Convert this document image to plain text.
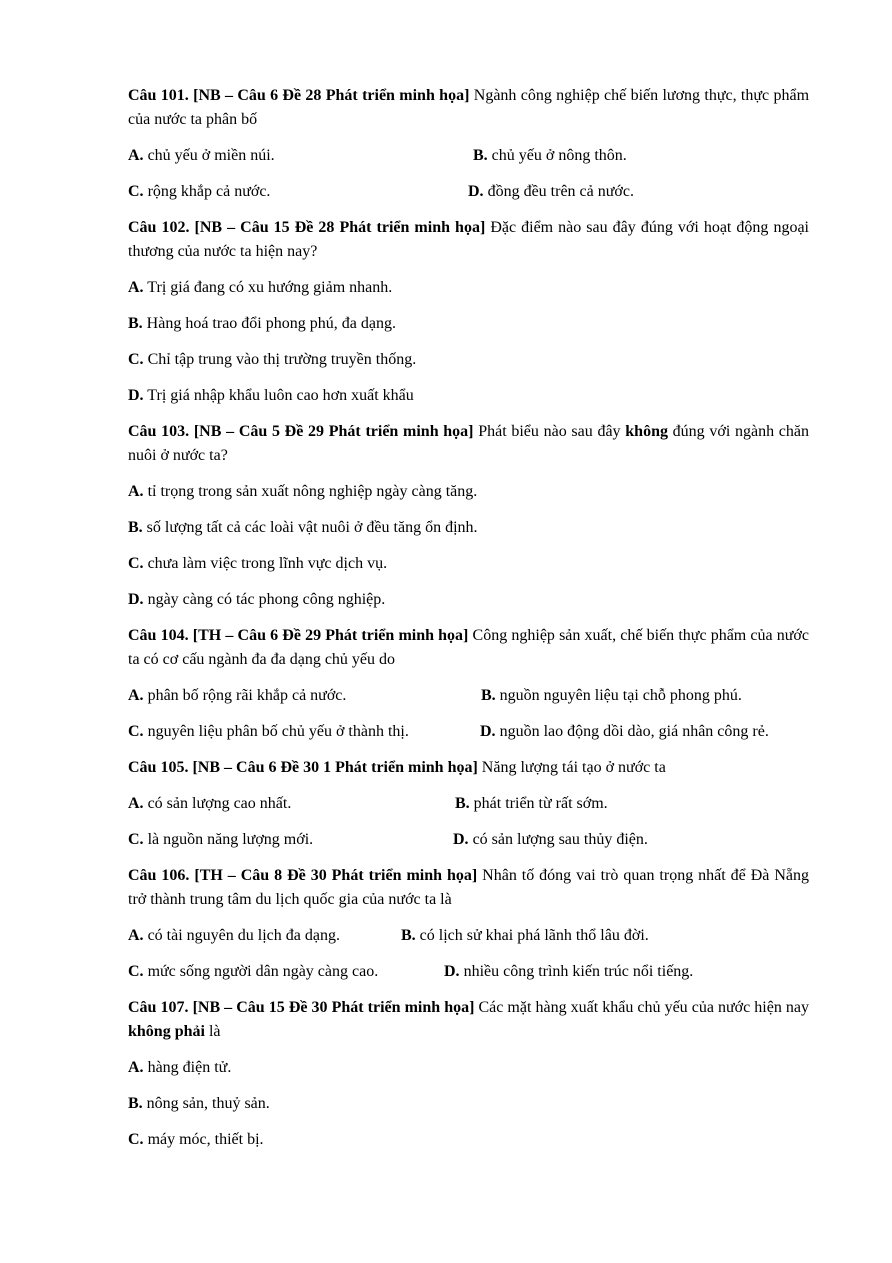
Câu 101. [NB – Câu 6 Đề 28 Phát triển minh họa] Ngành công nghiệp chế biến lương thực, thực phẩm của nước ta phân bố

A. chủ yếu ở miền núi.	B. chủ yếu ở nông thôn.
C. rộng khắp cả nước.	D. đồng đều trên cả nước.

Câu 102. [NB – Câu 15 Đề 28 Phát triển minh họa] Đặc điểm nào sau đây đúng với hoạt động ngoại thương của nước ta hiện nay?

A. Trị giá đang có xu hướng giảm nhanh.
B. Hàng hoá trao đổi phong phú, đa dạng.
C. Chỉ tập trung vào thị trường truyền thống.
D. Trị giá nhập khẩu luôn cao hơn xuất khẩu

Câu 103. [NB – Câu 5 Đề 29 Phát triển minh họa] Phát biểu nào sau đây không đúng với ngành chăn nuôi ở nước ta?

A. tỉ trọng trong sản xuất nông nghiệp ngày càng tăng.
B. số lượng tất cả các loài vật nuôi ở đều tăng ổn định.
C. chưa làm việc trong lĩnh vực dịch vụ.
D. ngày càng có tác phong công nghiệp.

Câu 104. [TH – Câu 6 Đề 29 Phát triển minh họa] Công nghiệp sản xuất, chế biến thực phẩm của nước ta có cơ cấu ngành đa đa dạng chủ yếu do

A. phân bố rộng rãi khắp cả nước.	B. nguồn nguyên liệu tại chỗ phong phú.
C. nguyên liệu phân bố chủ yếu ở thành thị.	D. nguồn lao động dồi dào, giá nhân công rẻ.

Câu 105. [NB – Câu 6 Đề 30 1 Phát triển minh họa] Năng lượng tái tạo ở nước ta

A. có sản lượng cao nhất.	B. phát triển từ rất sớm.
C. là nguồn năng lượng mới.	D. có sản lượng sau thủy điện.

Câu 106. [TH – Câu 8 Đề 30 Phát triển minh họa] Nhân tố đóng vai trò quan trọng nhất để Đà Nẵng trở thành trung tâm du lịch quốc gia của nước ta là

A. có tài nguyên du lịch đa dạng.	B. có lịch sử khai phá lãnh thổ lâu đời.
C. mức sống người dân ngày càng cao.	D. nhiều công trình kiến trúc nổi tiếng.

Câu 107. [NB – Câu 15 Đề 30 Phát triển minh họa] Các mặt hàng xuất khẩu chủ yếu của nước hiện nay không phải là

A. hàng điện tử.
B. nông sản, thuỷ sản.
C. máy móc, thiết bị.
